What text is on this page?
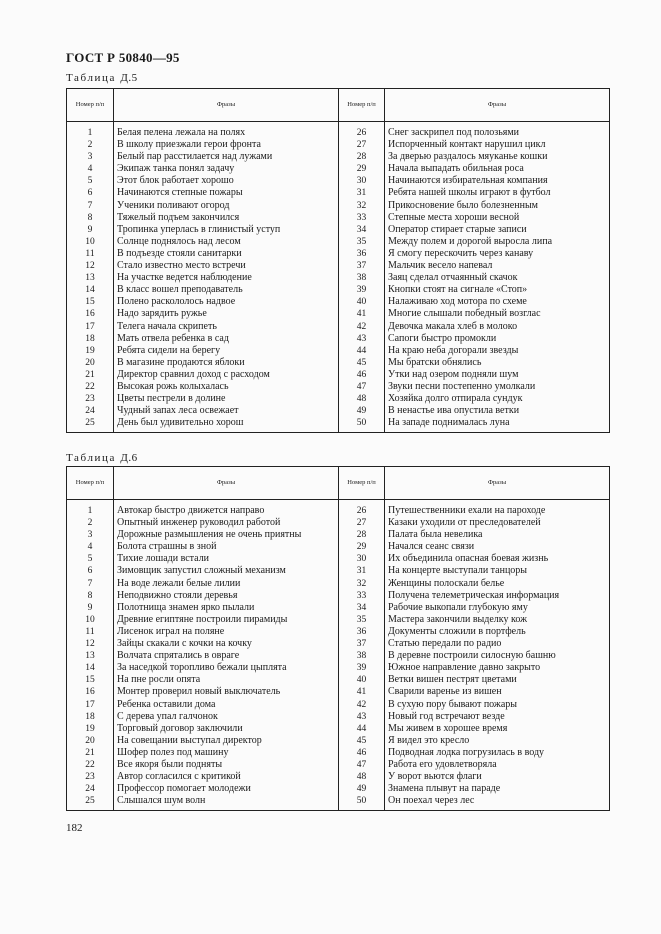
ГОСТ Р 50840—95
Таблица Д.5
Номер п/п	Фразы	Номер п/п	Фразы
1	Белая пелена лежала на полях	26	Снег заскрипел под полозьями
2	В школу приезжали герои фронта	27	Испорченный контакт нарушил цикл
3	Белый пар расстилается над лужами	28	За дверью раздалось мяуканье кошки
4	Экипаж танка понял задачу	29	Начала выпадать обильная роса
5	Этот блок работает хорошо	30	Начинаются избирательная компания
6	Начинаются степные пожары	31	Ребята нашей школы играют в футбол
7	Ученики поливают огород	32	Прикосновение было болезненным
8	Тяжелый подъем закончился	33	Степные места хороши весной
9	Тропинка уперлась в глинистый уступ	34	Оператор стирает старые записи
10	Солнце поднялось над лесом	35	Между полем и дорогой выросла липа
11	В подъезде стояли санитарки	36	Я смогу перескочить через канаву
12	Стало известно место встречи	37	Мальчик весело напевал
13	На участке ведется наблюдение	38	Заяц сделал отчаянный скачок
14	В класс вошел преподаватель	39	Кнопки стоят на сигнале «Стоп»
15	Полено раскололось надвое	40	Налаживаю ход мотора по схеме
16	Надо зарядить ружье	41	Многие слышали победный возглас
17	Телега начала скрипеть	42	Девочка макала хлеб в молоко
18	Мать отвела ребенка в сад	43	Сапоги быстро промокли
19	Ребята сидели на берегу	44	На краю неба догорали звезды
20	В магазине продаются яблоки	45	Мы братски обнялись
21	Директор сравнил доход с расходом	46	Утки над озером подняли шум
22	Высокая рожь колыхалась	47	Звуки песни постепенно умолкали
23	Цветы пестрели в долине	48	Хозяйка долго отпирала сундук
24	Чудный запах леса освежает	49	В ненастье ива опустила ветки
25	День был удивительно хорош	50	На западе поднималась луна
Таблица Д.6
Номер п/п	Фразы	Номер п/п	Фразы
1	Автокар быстро движется направо	26	Путешественники ехали на пароходе
2	Опытный инженер руководил работой	27	Казаки уходили от преследователей
3	Дорожные размышления не очень приятны	28	Палата была невелика
4	Болота страшны в зной	29	Начался сеанс связи
5	Тихие лошади встали	30	Их объединила опасная боевая жизнь
6	Зимовщик запустил сложный механизм	31	На концерте выступали танцоры
7	На воде лежали белые лилии	32	Женщины полоскали белье
8	Неподвижно стояли деревья	33	Получена телеметрическая информация
9	Полотнища знамен ярко пылали	34	Рабочие выкопали глубокую яму
10	Древние египтяне построили пирамиды	35	Мастера закончили выделку кож
11	Лисенок играл на поляне	36	Документы сложили в портфель
12	Зайцы скакали с кочки на кочку	37	Статью передали по радио
13	Волчата спрятались в овраге	38	В деревне построили силосную башню
14	За наседкой торопливо бежали цыплята	39	Южное направление давно закрыто
15	На пне росли опята	40	Ветки вишен пестрят цветами
16	Монтер проверил новый выключатель	41	Сварили варенье из вишен
17	Ребенка оставили дома	42	В сухую пору бывают пожары
18	С дерева упал галчонок	43	Новый год встречают везде
19	Торговый договор заключили	44	Мы живем в хорошее время
20	На совещании выступал директор	45	Я видел это кресло
21	Шофер полез под машину	46	Подводная лодка погрузилась в воду
22	Все якоря были подняты	47	Работа его удовлетворяла
23	Автор согласился с критикой	48	У ворот вьются флаги
24	Профессор помогает молодежи	49	Знамена плывут на параде
25	Слышался шум волн	50	Он поехал через лес
182
